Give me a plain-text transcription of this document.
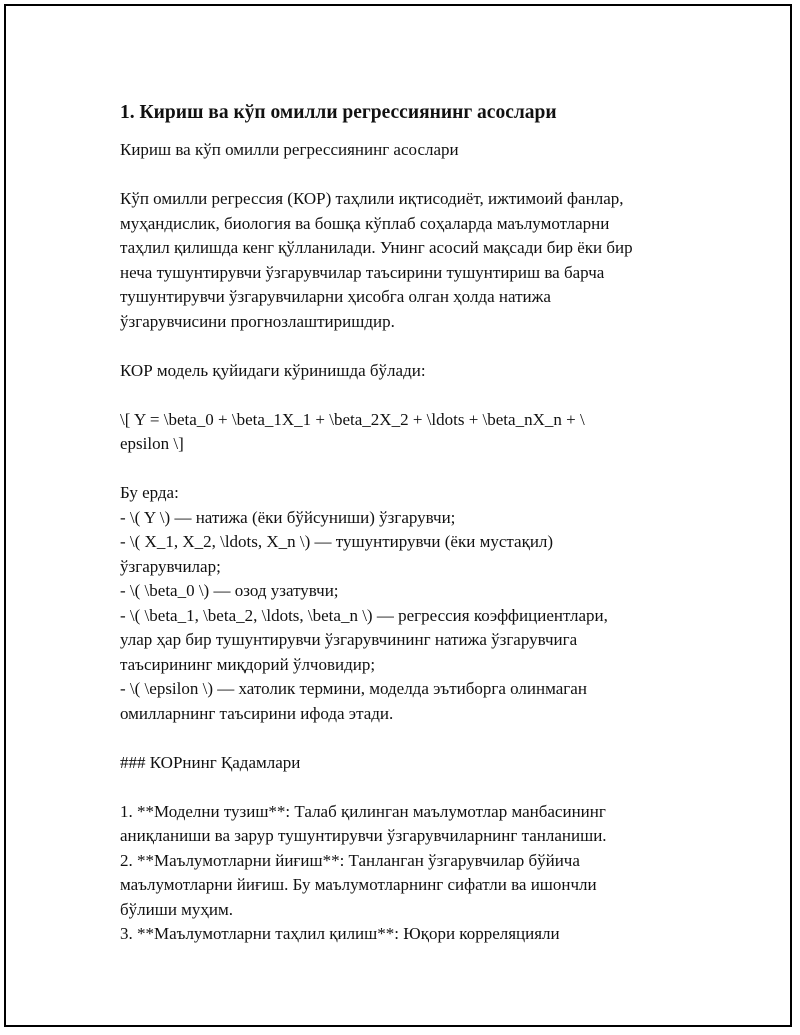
1. Кириш ва кўп омилли регрессиянинг асослари
Кириш ва кўп омилли регрессиянинг асослари
Кўп омилли регрессия (КОР) таҳлили иқтисодиёт, ижтимоий фанлар,
муҳандислик, биология ва бошқа кўплаб соҳаларда маълумотларни
таҳлил қилишда кенг қўлланилади. Унинг асосий мақсади бир ёки бир
неча тушунтирувчи ўзгарувчилар таъсирини тушунтириш ва барча
тушунтирувчи ўзгарувчиларни ҳисобга олган ҳолда натижа
ўзгарувчисини прогнозлаштиришдир.
КОР модель қуйидаги кўринишда бўлади:
\[ Y = \beta_0 + \beta_1X_1 + \beta_2X_2 + \ldots + \beta_nX_n + \
epsilon \]
Бу ерда:
- \( Y \) — натижа (ёки бўйсуниши) ўзгарувчи;
- \( X_1, X_2, \ldots, X_n \) — тушунтирувчи (ёки мустақил)
ўзгарувчилар;
- \( \beta_0 \) — озод узатувчи;
- \( \beta_1, \beta_2, \ldots, \beta_n \) — регрессия коэффициентлари,
улар ҳар бир тушунтирувчи ўзгарувчининг натижа ўзгарувчига
таъсирининг миқдорий ўлчовидир;
- \( \epsilon \) — хатолик термини, моделда эътиборга олинмаган
омилларнинг таъсирини ифода этади.
### КОРнинг Қадамлари
1. **Моделни тузиш**: Талаб қилинган маълумотлар манбасининг
аниқланиши ва зарур тушунтирувчи ўзгарувчиларнинг танланиши.
2. **Маълумотларни йиғиш**: Танланган ўзгарувчилар бўйича
маълумотларни йиғиш. Бу маълумотларнинг сифатли ва ишончли
бўлиши муҳим.
3. **Маълумотларни таҳлил қилиш**: Юқори корреляцияли
